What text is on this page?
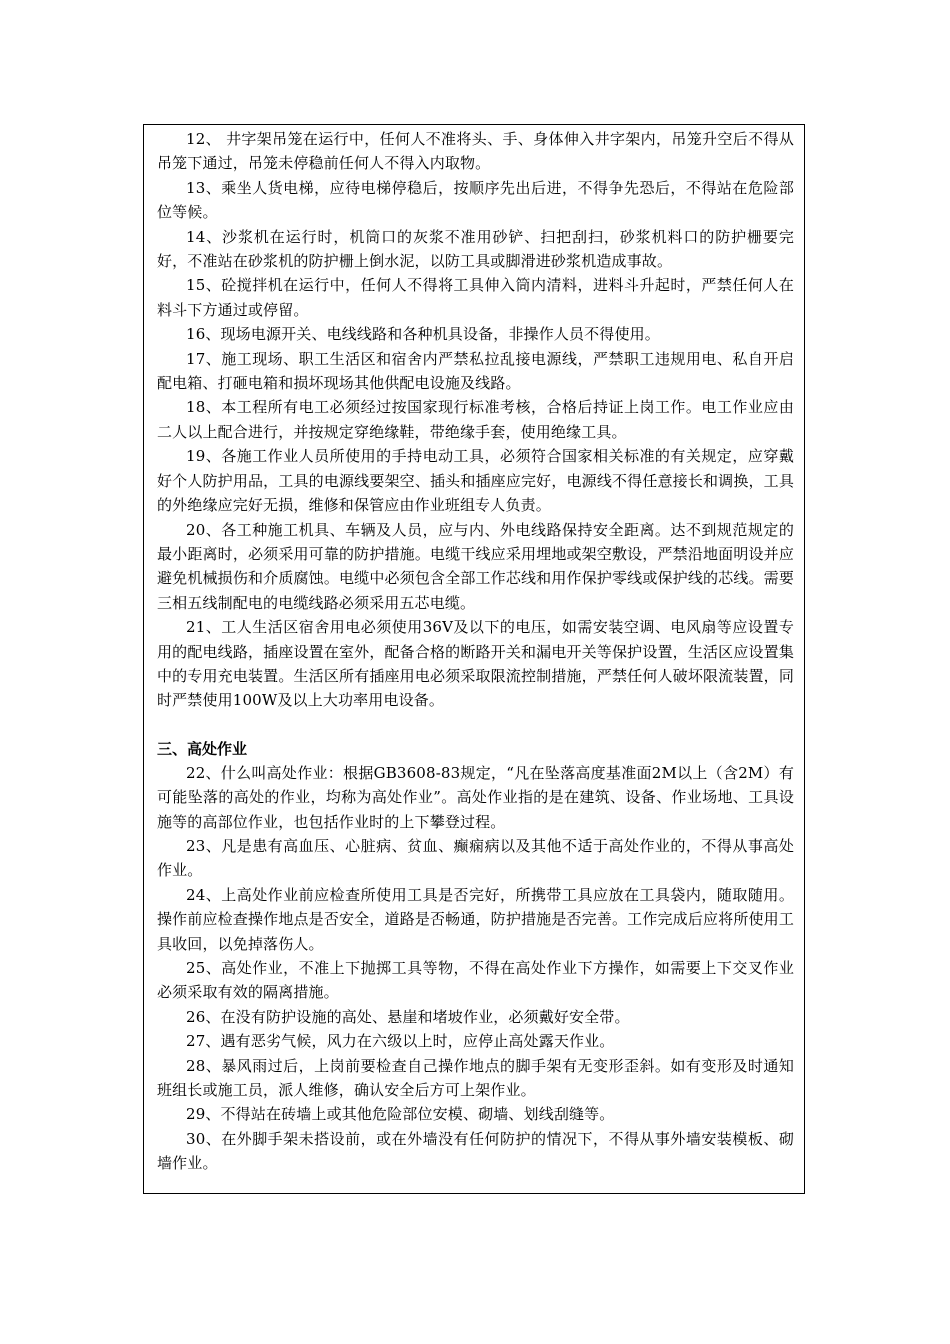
12、 井字架吊笼在运行中，任何人不准将头、手、身体伸入井字架内，吊笼升空后不得从吊笼下通过，吊笼未停稳前任何人不得入内取物。

13、乘坐人货电梯，应待电梯停稳后，按顺序先出后进，不得争先恐后，不得站在危险部位等候。

14、沙浆机在运行时，机筒口的灰浆不准用砂铲、扫把刮扫，砂浆机料口的防护栅要完好，不准站在砂浆机的防护栅上倒水泥，以防工具或脚滑进砂浆机造成事故。

15、砼搅拌机在运行中，任何人不得将工具伸入筒内清料，进料斗升起时，严禁任何人在料斗下方通过或停留。

16、现场电源开关、电线线路和各种机具设备，非操作人员不得使用。

17、施工现场、职工生活区和宿舍内严禁私拉乱接电源线，严禁职工违规用电、私自开启配电箱、打砸电箱和损坏现场其他供配电设施及线路。

18、本工程所有电工必须经过按国家现行标准考核，合格后持证上岗工作。电工作业应由二人以上配合进行，并按规定穿绝缘鞋，带绝缘手套，使用绝缘工具。

19、各施工作业人员所使用的手持电动工具，必须符合国家相关标准的有关规定，应穿戴好个人防护用品，工具的电源线要架空、插头和插座应完好，电源线不得任意接长和调换，工具的外绝缘应完好无损，维修和保管应由作业班组专人负责。

20、各工种施工机具、车辆及人员，应与内、外电线路保持安全距离。达不到规范规定的最小距离时，必须采用可靠的防护措施。电缆干线应采用埋地或架空敷设，严禁沿地面明设并应避免机械损伤和介质腐蚀。电缆中必须包含全部工作芯线和用作保护零线或保护线的芯线。需要三相五线制配电的电缆线路必须采用五芯电缆。

21、工人生活区宿舍用电必须使用36V及以下的电压，如需安装空调、电风扇等应设置专用的配电线路，插座设置在室外，配备合格的断路开关和漏电开关等保护设置，生活区应设置集中的专用充电装置。生活区所有插座用电必须采取限流控制措施，严禁任何人破坏限流装置，同时严禁使用100W及以上大功率用电设备。

三、高处作业

22、什么叫高处作业：根据GB3608-83规定，“凡在坠落高度基准面2M以上（含2M）有可能坠落的高处的作业，均称为高处作业”。高处作业指的是在建筑、设备、作业场地、工具设施等的高部位作业，也包括作业时的上下攀登过程。

23、凡是患有高血压、心脏病、贫血、癫痫病以及其他不适于高处作业的，不得从事高处作业。

24、上高处作业前应检查所使用工具是否完好，所携带工具应放在工具袋内，随取随用。操作前应检查操作地点是否安全，道路是否畅通，防护措施是否完善。工作完成后应将所使用工具收回，以免掉落伤人。

25、高处作业，不准上下抛掷工具等物，不得在高处作业下方操作，如需要上下交叉作业必须采取有效的隔离措施。

26、在没有防护设施的高处、悬崖和堵坡作业，必须戴好安全带。

27、遇有恶劣气候，风力在六级以上时，应停止高处露天作业。

28、暴风雨过后，上岗前要检查自己操作地点的脚手架有无变形歪斜。如有变形及时通知班组长或施工员，派人维修，确认安全后方可上架作业。

29、不得站在砖墙上或其他危险部位安模、砌墙、划线刮缝等。

30、在外脚手架未搭设前，或在外墙没有任何防护的情况下，不得从事外墙安装模板、砌墙作业。
